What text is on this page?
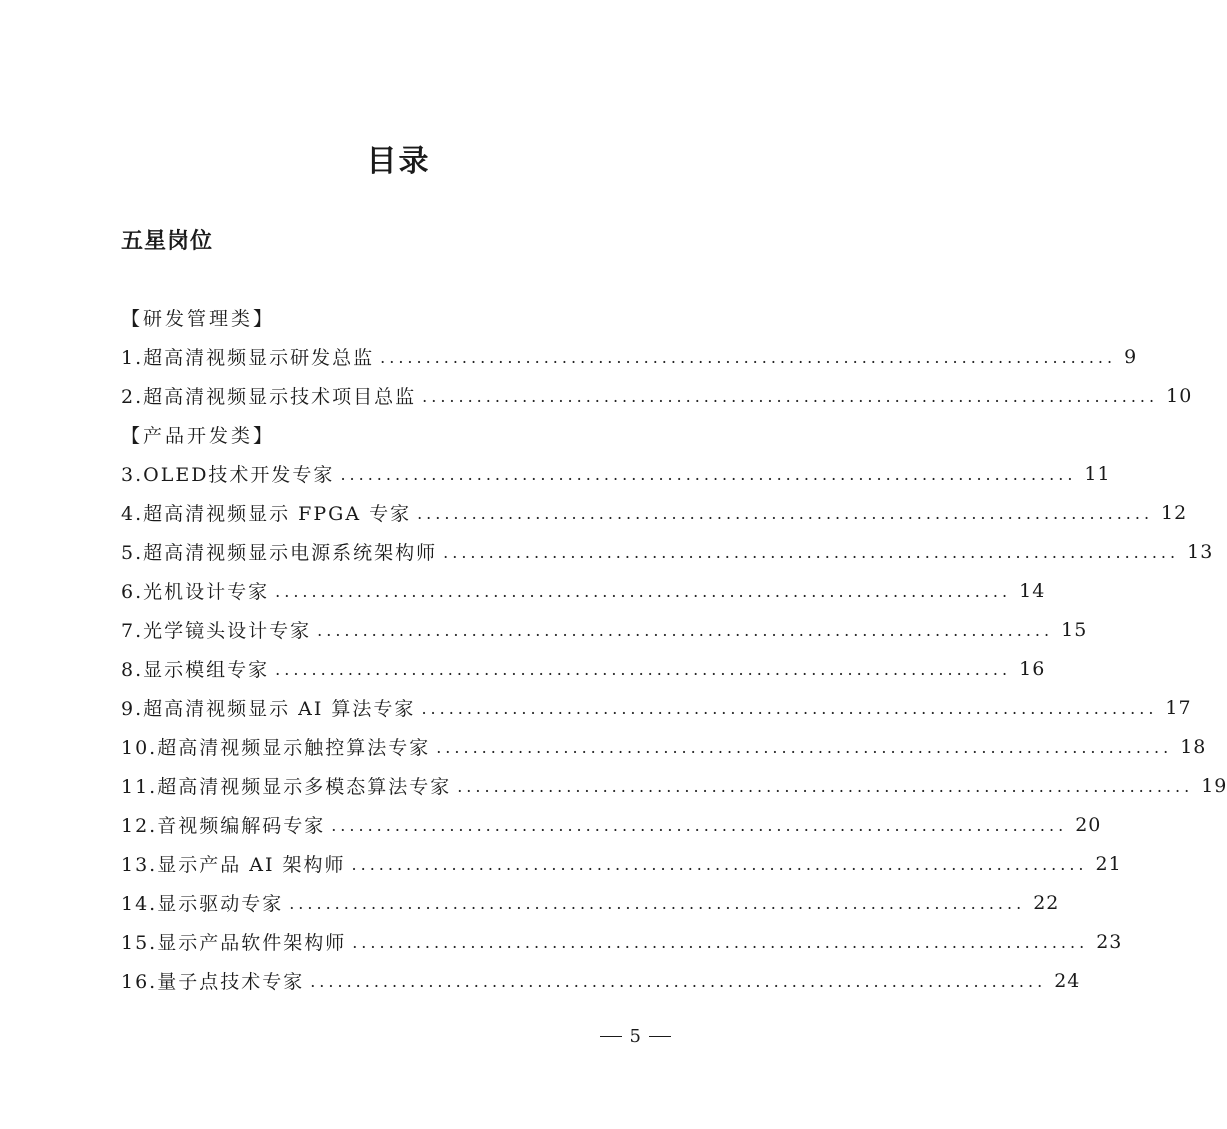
目录
五星岗位
【研发管理类】
1.超高清视频显示研发总监 ................................................................................. 9
2.超高清视频显示技术项目总监 ................................................................................. 10
【产品开发类】
3.OLED技术开发专家 ................................................................................. 11
4.超高清视频显示 FPGA 专家 ................................................................................. 12
5.超高清视频显示电源系统架构师 ................................................................................. 13
6.光机设计专家 ................................................................................. 14
7.光学镜头设计专家 ................................................................................. 15
8.显示模组专家 ................................................................................. 16
9.超高清视频显示 AI 算法专家 ................................................................................. 17
10.超高清视频显示触控算法专家 ................................................................................. 18
11.超高清视频显示多模态算法专家 ................................................................................. 19
12.音视频编解码专家 ................................................................................. 20
13.显示产品 AI 架构师 ................................................................................. 21
14.显示驱动专家 ................................................................................. 22
15.显示产品软件架构师 ................................................................................. 23
16.量子点技术专家 ................................................................................. 24
5
